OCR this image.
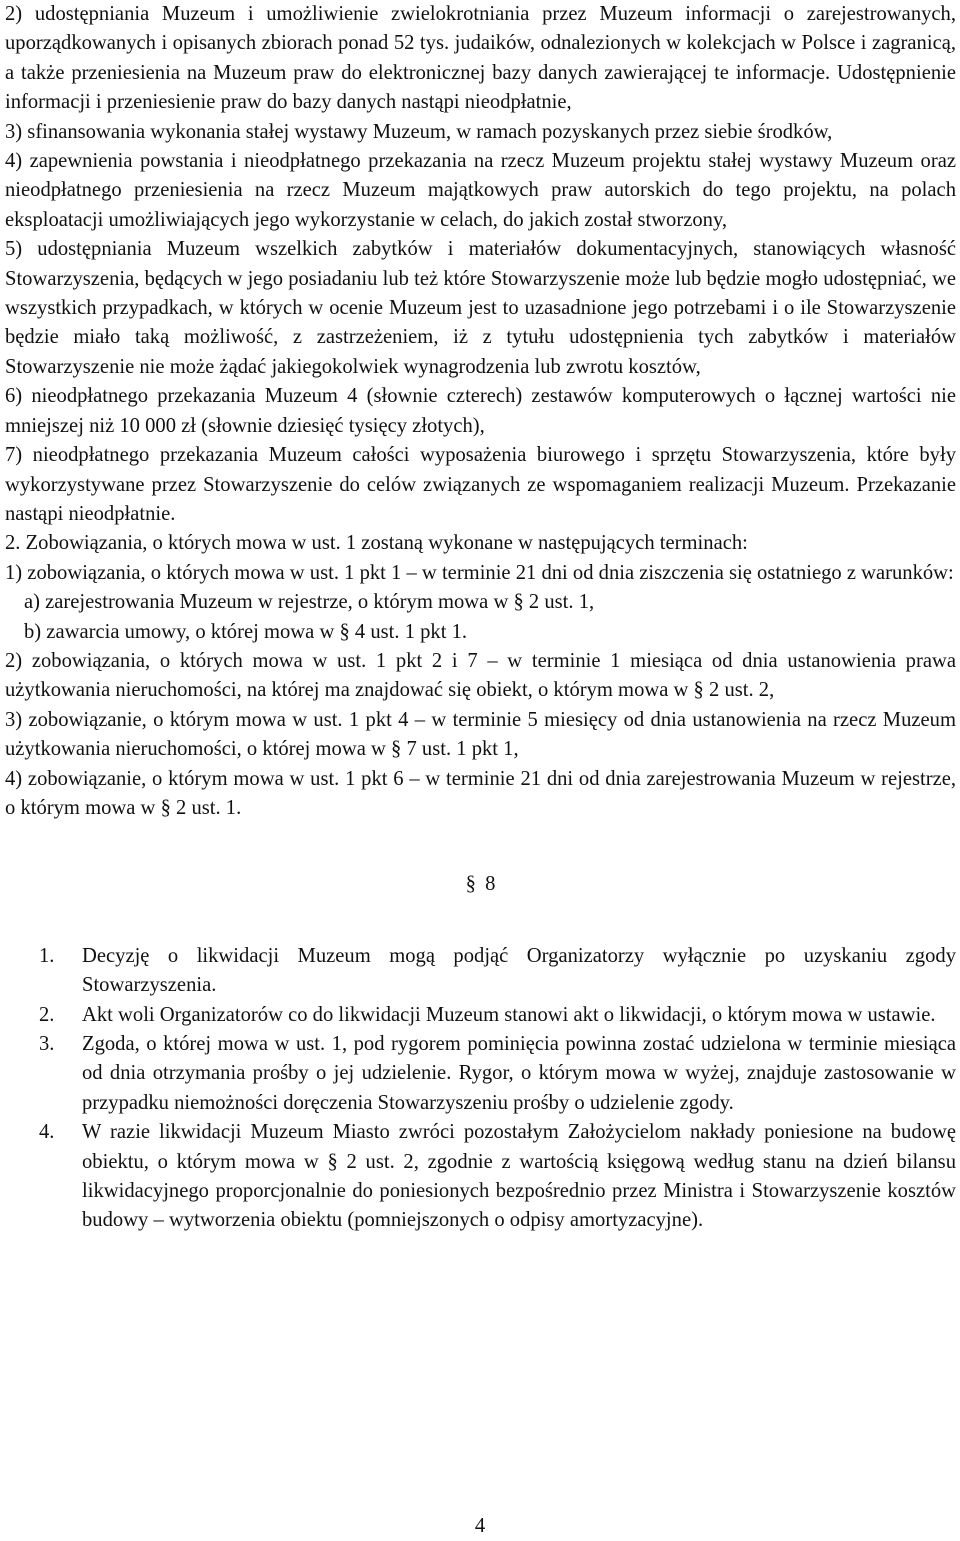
2) udostępniania Muzeum i umożliwienie zwielokrotniania przez Muzeum informacji o zarejestrowanych, uporządkowanych i opisanych zbiorach ponad 52 tys. judaików, odnalezionych w kolekcjach w Polsce i zagranicą, a także przeniesienia na Muzeum praw do elektronicznej bazy danych zawierającej te informacje. Udostępnienie informacji i przeniesienie praw do bazy danych nastąpi nieodpłatnie,

3) sfinansowania wykonania stałej wystawy Muzeum, w ramach pozyskanych przez siebie środków,

4) zapewnienia powstania i nieodpłatnego przekazania na rzecz Muzeum projektu stałej wystawy Muzeum oraz nieodpłatnego przeniesienia na rzecz Muzeum majątkowych praw autorskich do tego projektu, na polach eksploatacji umożliwiających jego wykorzystanie w celach, do jakich został stworzony,

5) udostępniania Muzeum wszelkich zabytków i materiałów dokumentacyjnych, stanowiących własność Stowarzyszenia, będących w jego posiadaniu lub też które Stowarzyszenie może lub będzie mogło udostępniać, we wszystkich przypadkach, w których w ocenie Muzeum jest to uzasadnione jego potrzebami i o ile Stowarzyszenie będzie miało taką możliwość, z zastrzeżeniem, iż z tytułu udostępnienia tych zabytków i materiałów Stowarzyszenie nie może żądać jakiegokolwiek wynagrodzenia lub zwrotu kosztów,

6) nieodpłatnego przekazania Muzeum 4 (słownie czterech) zestawów komputerowych o łącznej wartości nie mniejszej niż 10 000 zł (słownie dziesięć tysięcy złotych),

7) nieodpłatnego przekazania Muzeum całości wyposażenia biurowego i sprzętu Stowarzyszenia, które były wykorzystywane przez Stowarzyszenie do celów związanych ze wspomaganiem realizacji Muzeum. Przekazanie nastąpi nieodpłatnie.

2. Zobowiązania, o których mowa w ust. 1 zostaną wykonane w następujących terminach:

1) zobowiązania, o których mowa w ust. 1 pkt 1 – w terminie 21 dni od dnia ziszczenia się ostatniego z warunków:

a) zarejestrowania Muzeum w rejestrze, o którym mowa w § 2 ust. 1,

b) zawarcia umowy, o której mowa w § 4 ust. 1 pkt 1.

2) zobowiązania, o których mowa w ust. 1 pkt 2 i 7 – w terminie 1 miesiąca od dnia ustanowienia prawa użytkowania nieruchomości, na której ma znajdować się obiekt, o którym mowa w § 2 ust. 2,

3) zobowiązanie, o którym mowa w ust. 1 pkt 4 – w terminie 5 miesięcy od dnia ustanowienia na rzecz Muzeum użytkowania nieruchomości, o której mowa w § 7 ust. 1 pkt 1,

4) zobowiązanie, o którym mowa w ust. 1 pkt 6 – w terminie 21 dni od dnia zarejestrowania Muzeum w rejestrze, o którym mowa w § 2 ust. 1.

§ 8
1.	Decyzję o likwidacji Muzeum mogą podjąć Organizatorzy wyłącznie po uzyskaniu zgody Stowarzyszenia.
2.	Akt woli Organizatorów co do likwidacji Muzeum stanowi akt o likwidacji, o którym mowa w ustawie.
3.	Zgoda, o której mowa w ust. 1, pod rygorem pominięcia powinna zostać udzielona w terminie miesiąca od dnia otrzymania prośby o jej udzielenie. Rygor, o którym mowa w wyżej, znajduje zastosowanie w przypadku niemożności doręczenia Stowarzyszeniu prośby o udzielenie zgody.
4.	W razie likwidacji Muzeum Miasto zwróci pozostałym Założycielom nakłady poniesione na budowę obiektu, o którym mowa w § 2 ust. 2, zgodnie z wartością księgową według stanu na dzień bilansu likwidacyjnego proporcjonalnie do poniesionych bezpośrednio przez Ministra i Stowarzyszenie kosztów budowy – wytworzenia obiektu (pomniejszonych o odpisy amortyzacyjne).
4
